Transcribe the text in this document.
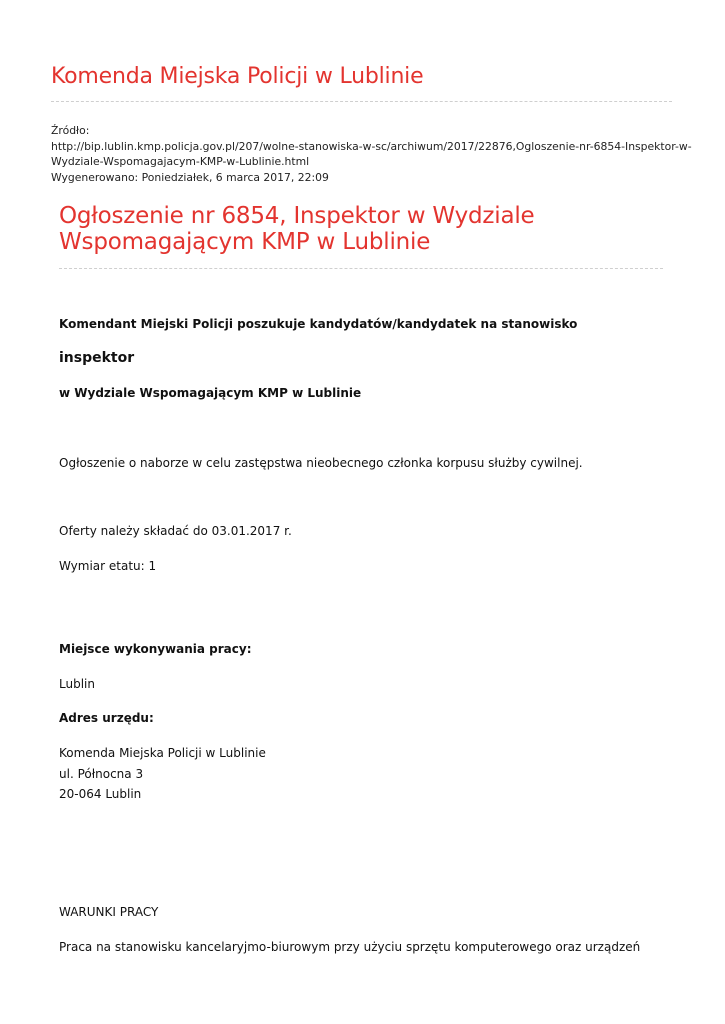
Komenda Miejska Policji w Lublinie
Źródło:
http://bip.lublin.kmp.policja.gov.pl/207/wolne-stanowiska-w-sc/archiwum/2017/22876,Ogloszenie-nr-6854-Inspektor-w-
Wydziale-Wspomagajacym-KMP-w-Lublinie.html
Wygenerowano: Poniedziałek, 6 marca 2017, 22:09
Ogłoszenie nr 6854, Inspektor w Wydziale
Wspomagającym KMP w Lublinie
Komendant Miejski Policji poszukuje kandydatów/kandydatek na stanowisko
inspektor
w Wydziale Wspomagającym KMP w Lublinie
Ogłoszenie o naborze w celu zastępstwa nieobecnego członka korpusu służby cywilnej.
Oferty należy składać do 03.01.2017 r.
Wymiar etatu: 1
Miejsce wykonywania pracy:
Lublin
Adres urzędu:
Komenda Miejska Policji w Lublinie
ul. Północna 3
20-064 Lublin
WARUNKI PRACY
Praca na stanowisku kancelaryjmo-biurowym przy użyciu sprzętu komputerowego oraz urządzeń
